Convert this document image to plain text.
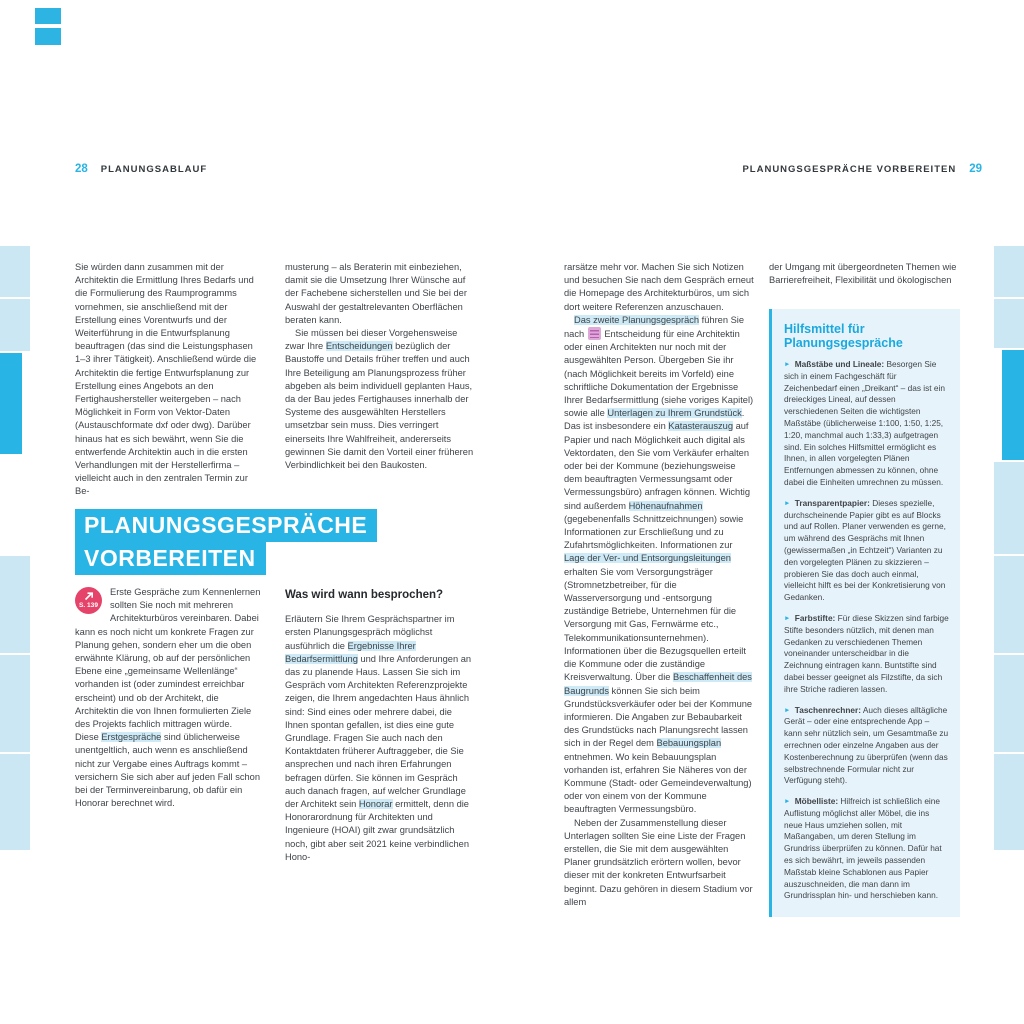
28 PLANUNGSABLAUF	PLANUNGSGESPRÄCHE VORBEREITEN 29

Sie würden dann zusammen mit der Architektin die Ermittlung Ihres Bedarfs und die Formulierung des Raumprogramms vornehmen, sie anschließend mit der Erstellung eines Vorentwurfs und der Weiterführung in die Entwurfsplanung beauftragen (das sind die Leistungsphasen 1–3 ihrer Tätigkeit). Anschließend würde die Architektin die fertige Entwurfsplanung zur Erstellung eines Angebots an den Fertighaushersteller weitergeben – nach Möglichkeit in Form von Vektor-Daten (Austauschformate dxf oder dwg). Darüber hinaus hat es sich bewährt, wenn Sie die entwerfende Architektin auch in die ersten Verhandlungen mit der Herstellerfirma – vielleicht auch in den zentralen Termin zur Be-

PLANUNGSGESPRÄCHE
VORBEREITEN
S. 139

Erste Gespräche zum Kennenlernen sollten Sie noch mit mehreren Architekturbüros vereinbaren. Dabei kann es noch nicht um konkrete Fragen zur Planung gehen, sondern eher um die oben erwähnte Klärung, ob auf der persönlichen Ebene eine „gemeinsame Wellenlänge“ vorhanden ist (oder zumindest erreichbar erscheint) und ob der Architekt, die Architektin die von Ihnen formulierten Ziele des Projekts fachlich mittragen würde.

Diese Erstgespräche sind üblicherweise unentgeltlich, auch wenn es anschließend nicht zur Vergabe eines Auftrags kommt – versichern Sie sich aber auf jeden Fall schon bei der Terminvereinbarung, ob dafür ein Honorar berechnet wird.

musterung – als Beraterin mit einbeziehen, damit sie die Umsetzung Ihrer Wünsche auf der Fachebene sicherstellen und Sie bei der Auswahl der gestaltrelevanten Oberflächen beraten kann.

Sie müssen bei dieser Vorgehensweise zwar Ihre Entscheidungen bezüglich der Baustoffe und Details früher treffen und auch Ihre Beteiligung am Planungsprozess früher abgeben als beim individuell geplanten Haus, da der Bau jedes Fertighauses innerhalb der Systeme des ausgewählten Herstellers umsetzbar sein muss. Dies verringert einerseits Ihre Wahlfreiheit, andererseits gewinnen Sie damit den Vorteil einer früheren Verbindlichkeit bei den Baukosten.

Was wird wann besprochen?

Erläutern Sie Ihrem Gesprächspartner im ersten Planungsgespräch möglichst ausführlich die Ergebnisse Ihrer Bedarfsermittlung und Ihre Anforderungen an das zu planende Haus. Lassen Sie sich im Gespräch vom Architekten Referenzprojekte zeigen, die Ihrem angedachten Haus ähnlich sind: Sind eines oder mehrere dabei, die Ihnen spontan gefallen, ist dies eine gute Grundlage. Fragen Sie auch nach den Kontaktdaten früherer Auftraggeber, die Sie ansprechen und nach ihren Erfahrungen befragen dürfen. Sie können im Gespräch auch danach fragen, auf welcher Grundlage der Architekt sein Honorar ermittelt, denn die Honorarordnung für Architekten und Ingenieure (HOAI) gilt zwar grundsätzlich noch, gibt aber seit 2021 keine verbindlichen Hono-

rarsätze mehr vor. Machen Sie sich Notizen und besuchen Sie nach dem Gespräch erneut die Homepage des Architekturbüros, um sich dort weitere Referenzen anzuschauen.

Das zweite Planungsgespräch führen Sie nach  Entscheidung für eine Architektin oder einen Architekten nur noch mit der ausgewählten Person. Übergeben Sie ihr (nach Möglichkeit bereits im Vorfeld) eine schriftliche Dokumentation der Ergebnisse Ihrer Bedarfsermittlung (siehe voriges Kapitel) sowie alle Unterlagen zu Ihrem Grundstück. Das ist insbesondere ein Katasterauszug auf Papier und nach Möglichkeit auch digital als Vektordaten, den Sie vom Verkäufer erhalten oder bei der Kommune (beziehungsweise dem beauftragten Vermessungsamt oder Vermessungsbüro) anfragen können. Wichtig sind außerdem Höhenaufnahmen (gegebenenfalls Schnittzeichnungen) sowie Informationen zur Erschließung und zu Zufahrtsmöglichkeiten. Informationen zur Lage der Ver- und Entsorgungsleitungen erhalten Sie vom Versorgungsträger (Stromnetzbetreiber, für die Wasserversorgung und -entsorgung zuständige Betriebe, Unternehmen für die Versorgung mit Gas, Fernwärme etc., Telekommunikationsunternehmen). Informationen über die Bezugsquellen erteilt die Kommune oder die zuständige Kreisverwaltung. Über die Beschaffenheit des Baugrunds können Sie sich beim Grundstücksverkäufer oder bei der Kommune informieren. Die Angaben zur Bebaubarkeit des Grundstücks nach Planungsrecht lassen sich in der Regel dem Bebauungsplan entnehmen. Wo kein Bebauungsplan vorhanden ist, erfahren Sie Näheres von der Kommune (Stadt- oder Gemeindeverwaltung) oder von einem von der Kommune beauftragten Vermessungsbüro.

Neben der Zusammenstellung dieser Unterlagen sollten Sie eine Liste der Fragen erstellen, die Sie mit dem ausgewählten Planer grundsätzlich erörtern wollen, bevor dieser mit der konkreten Entwurfsarbeit beginnt. Dazu gehören in diesem Stadium vor allem

der Umgang mit übergeordneten Themen wie Barrierefreiheit, Flexibilität und ökologischen

Hilfsmittel für Planungsgespräche
► Maßstäbe und Lineale: Besorgen Sie sich in einem Fachgeschäft für Zeichenbedarf einen „Dreikant“ – das ist ein dreieckiges Lineal, auf dessen verschiedenen Seiten die wichtigsten Maßstäbe (üblicherweise 1:100, 1:50, 1:25, 1:20, manchmal auch 1:33,3) aufgetragen sind. Ein solches Hilfsmittel ermöglicht es Ihnen, in allen vorgelegten Plänen Entfernungen abmessen zu können, ohne dabei die Einheiten umrechnen zu müssen.
► Transparentpapier: Dieses spezielle, durchscheinende Papier gibt es auf Blocks und auf Rollen. Planer verwenden es gerne, um während des Gesprächs mit Ihnen (gewissermaßen „in Echtzeit“) Varianten zu den vorgelegten Plänen zu skizzieren – probieren Sie das doch auch einmal, vielleicht hilft es bei der Konkretisierung von Gedanken.
► Farbstifte: Für diese Skizzen sind farbige Stifte besonders nützlich, mit denen man Gedanken zu verschiedenen Themen voneinander unterscheidbar in die Zeichnung eintragen kann. Buntstifte sind dabei besser geeignet als Filzstifte, da sich ihre Striche radieren lassen.
► Taschenrechner: Auch dieses alltägliche Gerät – oder eine entsprechende App – kann sehr nützlich sein, um Gesamtmaße zu errechnen oder einzelne Angaben aus der Kostenberechnung zu überprüfen (wenn das selbstrechnende Formular nicht zur Verfügung steht).
► Möbelliste: Hilfreich ist schließlich eine Auflistung möglichst aller Möbel, die ins neue Haus umziehen sollen, mit Maßangaben, um deren Stellung im Grundriss überprüfen zu können. Dafür hat es sich bewährt, im jeweils passenden Maßstab kleine Schablonen aus Papier auszuschneiden, die man dann im Grundrissplan hin- und herschieben kann.
